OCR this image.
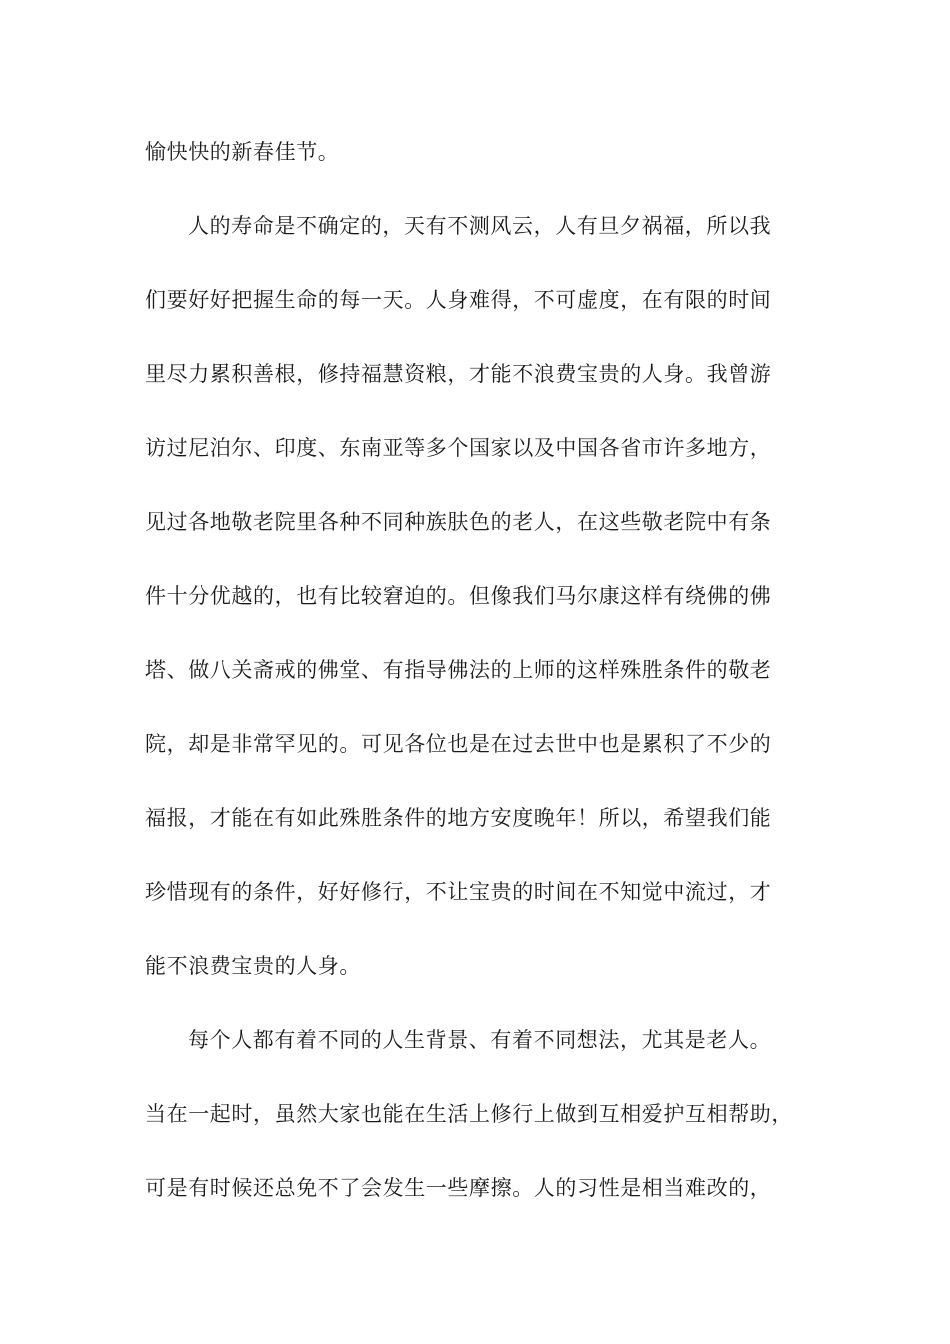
愉快快的新春佳节。
人的寿命是不确定的，天有不测风云，人有旦夕祸福，所以我
们要好好把握生命的每一天。人身难得，不可虚度，在有限的时间
里尽力累积善根，修持福慧资粮，才能不浪费宝贵的人身。我曾游
访过尼泊尔、印度、东南亚等多个国家以及中国各省市许多地方，
见过各地敬老院里各种不同种族肤色的老人，在这些敬老院中有条
件十分优越的，也有比较窘迫的。但像我们马尔康这样有绕佛的佛
塔、做八关斋戒的佛堂、有指导佛法的上师的这样殊胜条件的敬老
院，却是非常罕见的。可见各位也是在过去世中也是累积了不少的
福报，才能在有如此殊胜条件的地方安度晚年！所以，希望我们能
珍惜现有的条件，好好修行，不让宝贵的时间在不知觉中流过，才
能不浪费宝贵的人身。
每个人都有着不同的人生背景、有着不同想法，尤其是老人。
当在一起时，虽然大家也能在生活上修行上做到互相爱护互相帮助，
可是有时候还总免不了会发生一些摩擦。人的习性是相当难改的，
